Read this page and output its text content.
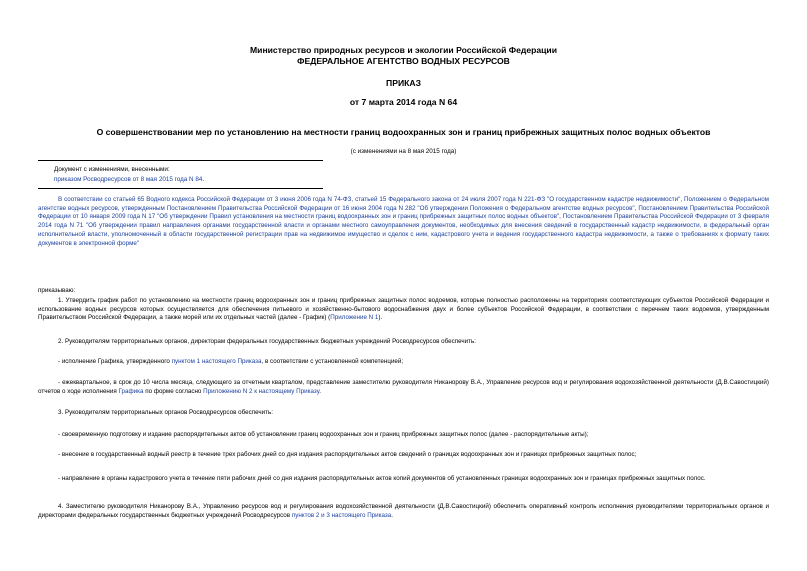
Министерство природных ресурсов и экологии Российской Федерации
ФЕДЕРАЛЬНОЕ АГЕНТСТВО ВОДНЫХ РЕСУРСОВ
ПРИКАЗ
от 7 марта 2014 года N 64
О совершенствовании мер по установлению на местности границ водоохранных зон и границ прибрежных защитных полос водных объектов
(с изменениями на 8 мая 2015 года)
Документ с изменениями, внесенными:
приказом Росводресурсов от 8 мая 2015 года N 84.
В соответствии со статьей 65 Водного кодекса Российской Федерации от 3 июня 2006 года N 74-ФЗ, статьей 15 Федерального закона от 24 июля 2007 года N 221-ФЗ "О государственном кадастре недвижимости", Положением о Федеральном агентстве водных ресурсов, утвержденным Постановлением Правительства Российской Федерации от 16 июня 2004 года N 282 "Об утверждении Положения о Федеральном агентстве водных ресурсов", Постановлением Правительства Российской Федерации от 10 января 2009 года N 17 "Об утверждении Правил установления на местности границ водоохранных зон и границ прибрежных защитных полос водных объектов", Постановлением Правительства Российской Федерации от 3 февраля 2014 года N 71 "Об утверждении правил направления органами государственной власти и органами местного самоуправления документов, необходимых для внесения сведений в государственный кадастр недвижимости, в федеральный орган исполнительной власти, уполномоченный в области государственной регистрации прав на недвижимое имущество и сделок с ним, кадастрового учета и ведения государственного кадастра недвижимости, а также о требованиях к формату таких документов в электронной форме"
приказываю:
1. Утвердить график работ по установлению на местности границ водоохранных зон и границ прибрежных защитных полос водоемов, которые полностью расположены на территориях соответствующих субъектов Российской Федерации и использование водных ресурсов которых осуществляется для обеспечения питьевого и хозяйственно-бытового водоснабжения двух и более субъектов Российской Федерации, в соответствии с перечнем таких водоемов, утвержденным Правительством Российской Федерации, а также морей или их отдельных частей (далее - График) (Приложение N 1).
2. Руководителям территориальных органов, директорам федеральных государственных бюджетных учреждений Росводресурсов обеспечить:
- исполнение Графика, утвержденного пунктом 1 настоящего Приказа, в соответствии с установленной компетенцией;
- ежеквартальное, в срок до 10 числа месяца, следующего за отчетным кварталом, представление заместителю руководителя Никанорову В.А., Управление ресурсов вод и регулирования водохозяйственной деятельности (Д.В.Савостицкий) отчетов о ходе исполнения Графика по форме согласно Приложению N 2 к настоящему Приказу.
3. Руководителям территориальных органов Росводресурсов обеспечить:
- своевременную подготовку и издание распорядительных актов об установлении границ водоохранных зон и границ прибрежных защитных полос (далее - распорядительные акты);
- внесение в государственный водный реестр в течение трех рабочих дней со дня издания распорядительных актов сведений о границах водоохранных зон и границах прибрежных защитных полос;
- направление в органы кадастрового учета в течение пяти рабочих дней со дня издания распорядительных актов копий документов об установленных границах водоохранных зон и границах прибрежных защитных полос.
4. Заместителю руководителя Никанорову В.А., Управлению ресурсов вод и регулирования водохозяйственной деятельности (Д.В.Савостицкий) обеспечить оперативный контроль исполнения руководителями территориальных органов и директорами федеральных государственных бюджетных учреждений Росводресурсов пунктов 2 и 3 настоящего Приказа.
